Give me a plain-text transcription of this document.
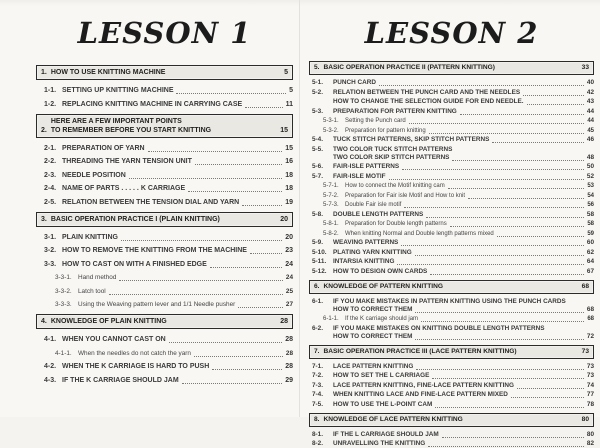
LESSON 1
1. HOW TO USE KNITTING MACHINE	5
1-1. SETTING UP KNITTING MACHINE	5
1-2. REPLACING KNITTING MACHINE IN CARRYING CASE	11
2.
HERE ARE A FEW IMPORTANT POINTS
TO REMEMBER BEFORE YOU START KNITTING	15
2-1. PREPARATION OF YARN	15
2-2. THREADING THE YARN TENSION UNIT	16
2-3. NEEDLE POSITION	18
2-4. NAME OF PARTS . . . . . K CARRIAGE	18
2-5. RELATION BETWEEN THE TENSION DIAL AND YARN	19
3. BASIC OPERATION PRACTICE I (PLAIN KNITTING)	20
3-1. PLAIN KNITTING	20
3-2. HOW TO REMOVE THE KNITTING FROM THE MACHINE	23
3-3. HOW TO CAST ON WITH A FINISHED EDGE	24
3-3-1. Hand method	24
3-3-2. Latch tool	25
3-3-3. Using the Weaving pattern lever and 1/1 Needle pusher	27
4. KNOWLEDGE OF PLAIN KNITTING	28
4-1. WHEN YOU CANNOT CAST ON	28
4-1-1. When the needles do not catch the yarn	28
4-2. WHEN THE K CARRIAGE IS HARD TO PUSH	28
4-3. IF THE K CARRIAGE SHOULD JAM	29
LESSON 2
5. BASIC OPERATION PRACTICE II (PATTERN KNITTING)	33
5-1.	PUNCH CARD	40
5-2.	RELATION BETWEEN THE PUNCH CARD AND THE NEEDLES	42
HOW TO CHANGE THE SELECTION GUIDE FOR END NEEDLE.	43
5-3.	PREPARATION FOR PATTERN KNITTING	44
5-3-1.	Setting the Punch card	44
5-3-2.	Preparation for pattern knitting	45
5-4.	TUCK STITCH PATTERNS, SKIP STITCH PATTERNS	46
5-5.	TWO COLOR TUCK STITCH PATTERNS
TWO COLOR SKIP STITCH PATTERNS	48
5-6.	FAIR-ISLE PATTERNS	50
5-7.	FAIR-ISLE MOTIF	52
5-7-1.	How to connect the Motif knitting cam	53
5-7-2.	Preparation for Fair isle Motif and How to knit	54
5-7-3.	Double Fair isle motif	56
5-8.	DOUBLE LENGTH PATTERNS	58
5-8-1.	Preparation for Double length patterns	58
5-8-2.	When knitting Normal and Double length patterns mixed	59
5-9.	WEAVING PATTERNS	60
5-10.	PLATING YARN KNITTING	62
5-11.	INTARSIA KNITTING	64
5-12.	HOW TO DESIGN OWN CARDS	67
6. KNOWLEDGE OF PATTERN KNITTING	68
6-1.	IF YOU MAKE MISTAKES IN PATTERN KNITTING USING THE PUNCH CARDS
HOW TO CORRECT THEM	68
6-1-1.	If the K carriage should jam	68
6-2.	IF YOU MAKE MISTAKES ON KNITTING DOUBLE LENGTH PATTERNS
HOW TO CORRECT THEM	72
7. BASIC OPERATION PRACTICE III (LACE PATTERN KNITTING)	73
7-1.	LACE PATTERN KNITTING	73
7-2.	HOW TO SET THE L CARRIAGE	73
7-3.	LACE PATTERN KNITTING, FINE-LACE PATTERN KNITTING	74
7-4.	WHEN KNITTING LACE AND FINE-LACE PATTERN MIXED	77
7-5.	HOW TO USE THE L-POINT CAM	78
8. KNOWLEDGE OF LACE PATTERN KNITTING	80
8-1.	IF THE L CARRIAGE SHOULD JAM	80
8-2.	UNRAVELLING THE KNITTING	82
